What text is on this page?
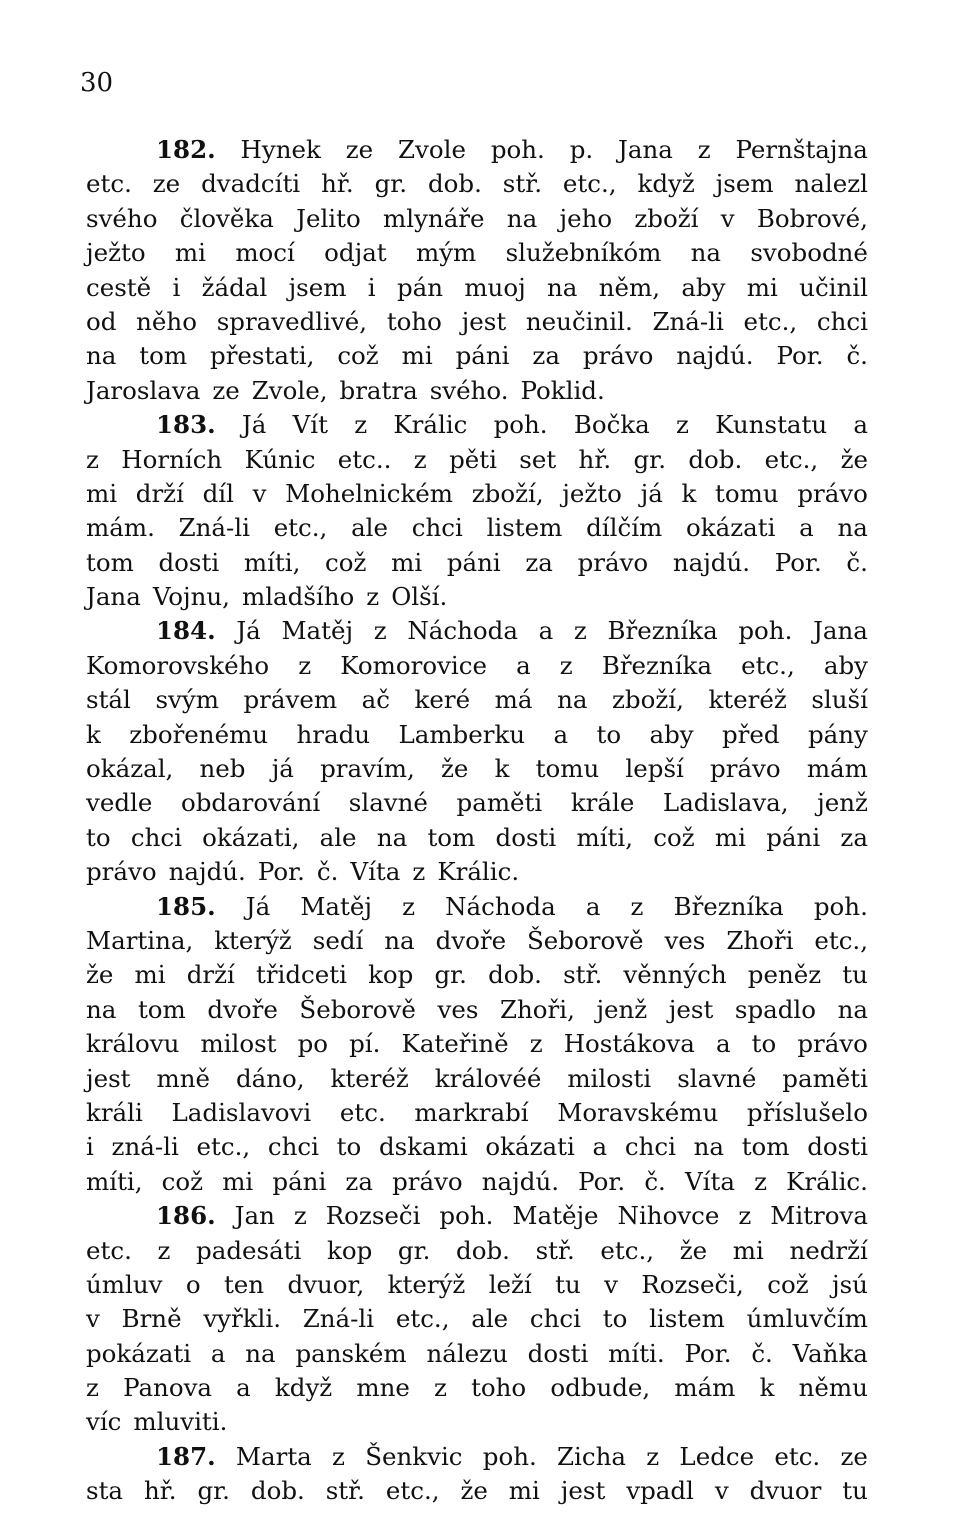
30
182. Hynek ze Zvole poh. p. Jana z Pernštajna
etc. ze dvadcíti hř. gr. dob. stř. etc., když jsem nalezl
svého člověka Jelito mlynáře na jeho zboží v Bobrové,
ježto mi mocí odjat mým služebníkóm na svobodné
cestě i žádal jsem i pán muoj na něm, aby mi učinil
od něho spravedlivé, toho jest neučinil. Zná-li etc., chci
na tom přestati, což mi páni za právo najdú. Por. č.
Jaroslava ze Zvole, bratra svého. Poklid.
183. Já Vít z Králic poh. Bočka z Kunstatu a
z Horních Kúnic etc.. z pěti set hř. gr. dob. etc., že
mi drží díl v Mohelnickém zboží, ježto já k tomu právo
mám. Zná-li etc., ale chci listem dílčím okázati a na
tom dosti míti, což mi páni za právo najdú. Por. č.
Jana Vojnu, mladšího z Olší.
184. Já Matěj z Náchoda a z Březníka poh. Jana
Komorovského z Komorovice a z Březníka etc., aby
stál svým právem ač keré má na zboží, kteréž sluší
k zbořenému hradu Lamberku a to aby před pány
okázal, neb já pravím, že k tomu lepší právo mám
vedle obdarování slavné paměti krále Ladislava, jenž
to chci okázati, ale na tom dosti míti, což mi páni za
právo najdú. Por. č. Víta z Králic.
185. Já Matěj z Náchoda a z Březníka poh.
Martina, kterýž sedí na dvoře Šeborově ves Zhoři etc.,
že mi drží třidceti kop gr. dob. stř. věnných peněz tu
na tom dvoře Šeborově ves Zhoři, jenž jest spadlo na
královu milost po pí. Kateřině z Hostákova a to právo
jest mně dáno, kteréž královéé milosti slavné paměti
králi Ladislavovi etc. markrabí Moravskému příslušelo
i zná-li etc., chci to dskami okázati a chci na tom dosti
míti, což mi páni za právo najdú. Por. č. Víta z Králic.
186. Jan z Rozseči poh. Matěje Nihovce z Mitrova
etc. z padesáti kop gr. dob. stř. etc., že mi nedrží
úmluv o ten dvuor, kterýž leží tu v Rozseči, což jsú
v Brně vyřkli. Zná-li etc., ale chci to listem úmluvčím
pokázati a na panském nálezu dosti míti. Por. č. Vaňka
z Panova a když mne z toho odbude, mám k němu
víc mluviti.
187. Marta z Šenkvic poh. Zicha z Ledce etc. ze
sta hř. gr. dob. stř. etc., že mi jest vpadl v dvuor tu
